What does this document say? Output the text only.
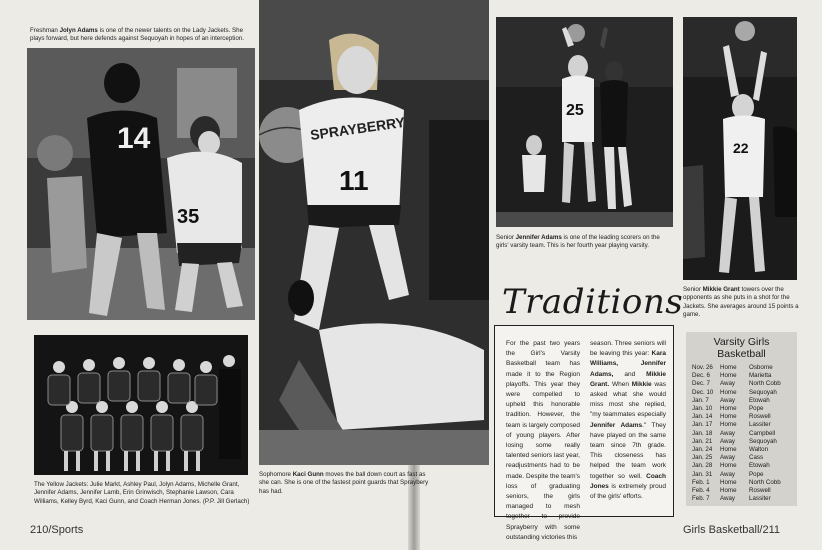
Freshman Jolyn Adams is one of the newer talents on the Lady Jackets. She plays forward, but here defends against Sequoyah in hopes of an interception.
14
35
The Yellow Jackets: Julie Markt, Ashley Paul, Jolyn Adams, Michelle Grant, Jennifer Adams, Jennifer Lamb, Erin Grinwisch, Stephanie Lawson, Cara Williams, Kelley Byrd, Kaci Gunn, and Coach Herman Jones. (P.P. Jill Gerlach)
SPRAYBERRY
11
Sophomore Kaci Gunn moves the ball down court as fast as she can. She is one of the fastest point guards that Spraybery has had.
25
Senior Jennifer Adams is one of the leading scorers on the girls' varsity team. This is her fourth year playing varsity.
22
Senior Mikkie Grant towers over the opponents as she puts in a shot for the Jackets. She averages around 15 points a game.
Traditions
For the past two years the Girl's Varsity Basketball team has made it to the Region playoffs. This year they were compelled to upheld this honorable tradition. However, the team is largely composed of young players. After losing some really talented seniors last year, readjustments had to be made. Despite the team's loss of graduating seniors, the girls managed to mesh together to provide Sprayberry with some outstanding victories this
season. Three seniors will be leaving this year: Kara Williams, Jennifer Adams, and Mikkie Grant. When Mikkie was asked what she would miss most she replied, "my teammates especially Jennifer Adams." They have played on the same team since 7th grade. This closeness has helped the team work together so well. Coach Jones is extremely proud of the girls' efforts.
Varsity Girls
Basketball
Nov. 26 Home Osborne
Dec. 6 Home Marietta
Dec. 7 Away North Cobb
Dec. 10 Home Sequoyah
Jan. 7 Away Etowah
Jan. 10 Home Pope
Jan. 14 Home Roswell
Jan. 17 Home Lassiter
Jan. 18 Away Campbell
Jan. 21 Away Sequoyah
Jan. 24 Home Walton
Jan. 25 Away Cass
Jan. 28 Home Etowah
Jan. 31 Away Pope
Feb. 1 Home North Cobb
Feb. 4 Home Roswell
Feb. 7 Away Lassiter
210/Sports	Girls Basketball/211
